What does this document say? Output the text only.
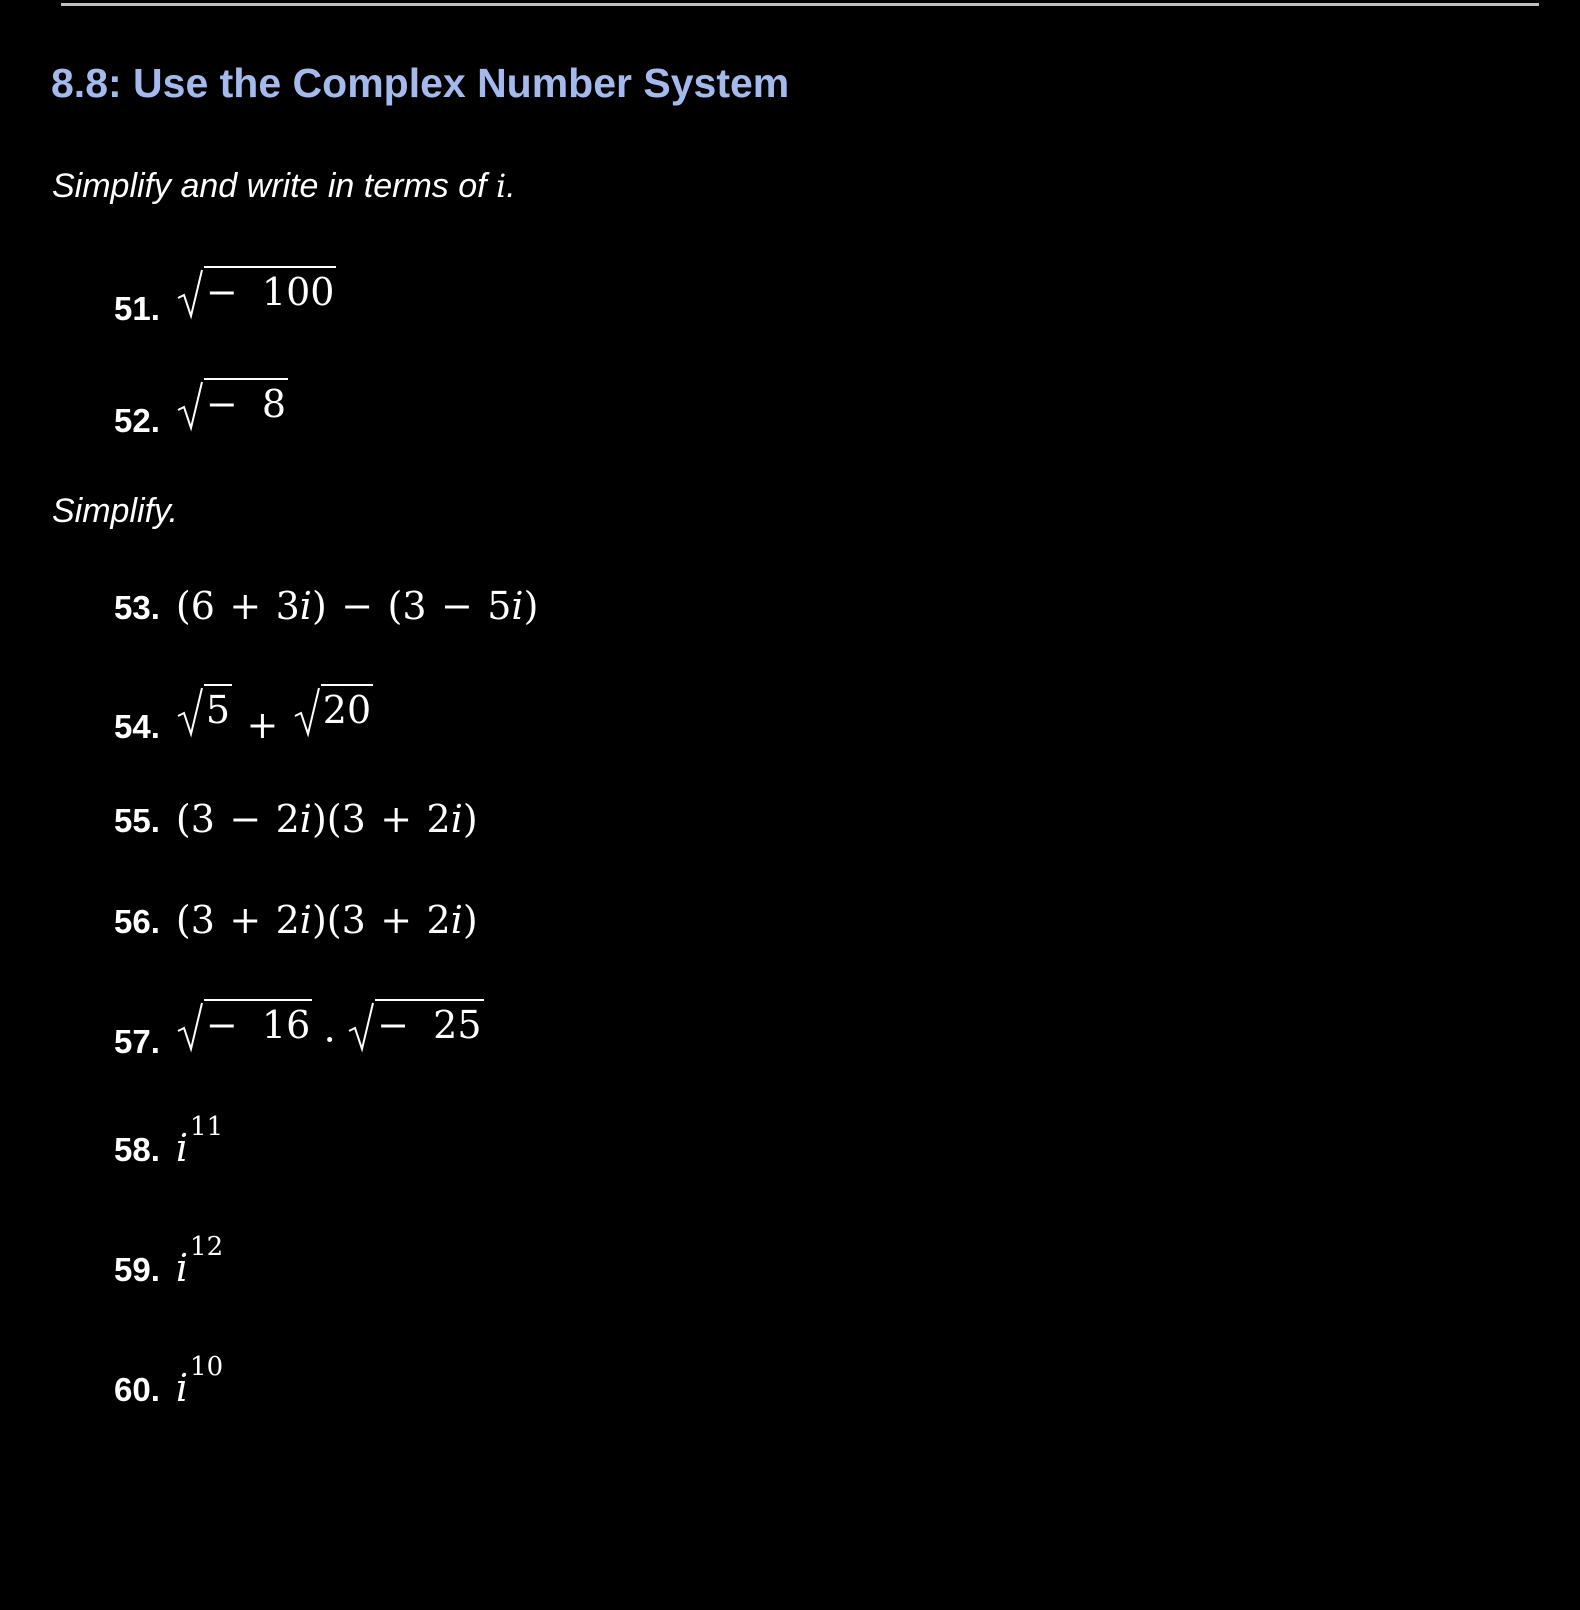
8.8: Use the Complex Number System
Simplify and write in terms of i.
51. −
100
52. −
8
Simplify.
53. (6 + 3 i ) − (3 − 5 i )
54. 5 + 20
55. (3 − 2 i )(3 + 2 i )
56. (3 + 2 i )(3 + 2 i )
57. −
16 · −
25
58. i 11
59. i 12
60. i 10
